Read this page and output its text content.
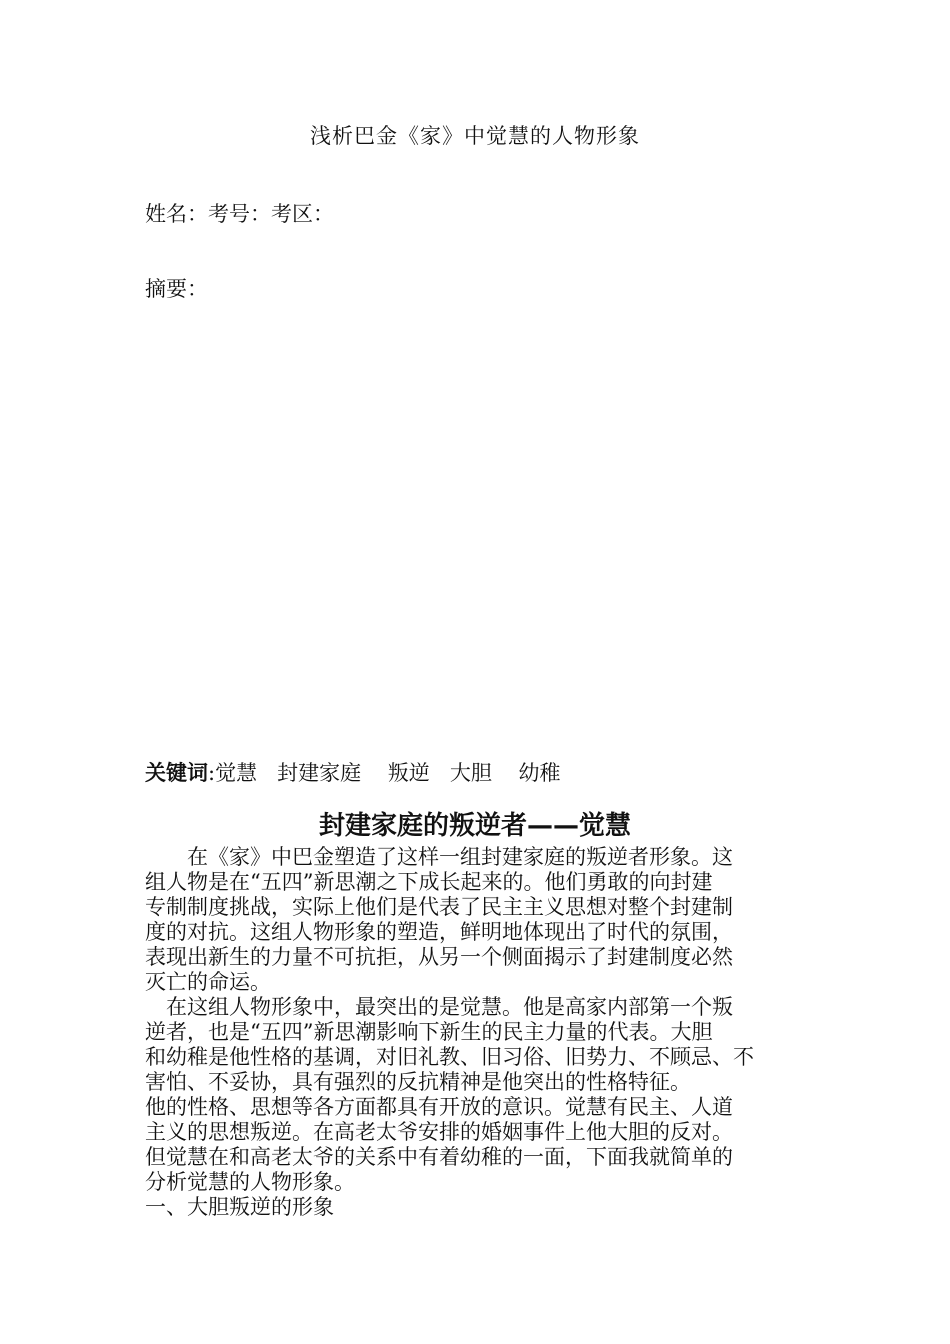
浅析巴金《家》中觉慧的人物形象
姓名：考号：考区：
摘要：
关键词:觉慧   封建家庭    叛逆   大胆    幼稚
封建家庭的叛逆者——觉慧
　　在《家》中巴金塑造了这样一组封建家庭的叛逆者形象。这
组人物是在“五四”新思潮之下成长起来的。他们勇敢的向封建
专制制度挑战，实际上他们是代表了民主主义思想对整个封建制
度的对抗。这组人物形象的塑造，鲜明地体现出了时代的氛围，
表现出新生的力量不可抗拒，从另一个侧面揭示了封建制度必然
灭亡的命运。
　在这组人物形象中，最突出的是觉慧。他是高家内部第一个叛
逆者，也是“五四”新思潮影响下新生的民主力量的代表。大胆
和幼稚是他性格的基调，对旧礼教、旧习俗、旧势力、不顾忌、不
害怕、不妥协，具有强烈的反抗精神是他突出的性格特征。
他的性格、思想等各方面都具有开放的意识。觉慧有民主、人道
主义的思想叛逆。在高老太爷安排的婚姻事件上他大胆的反对。
但觉慧在和高老太爷的关系中有着幼稚的一面，下面我就简单的
分析觉慧的人物形象。
一、大胆叛逆的形象
